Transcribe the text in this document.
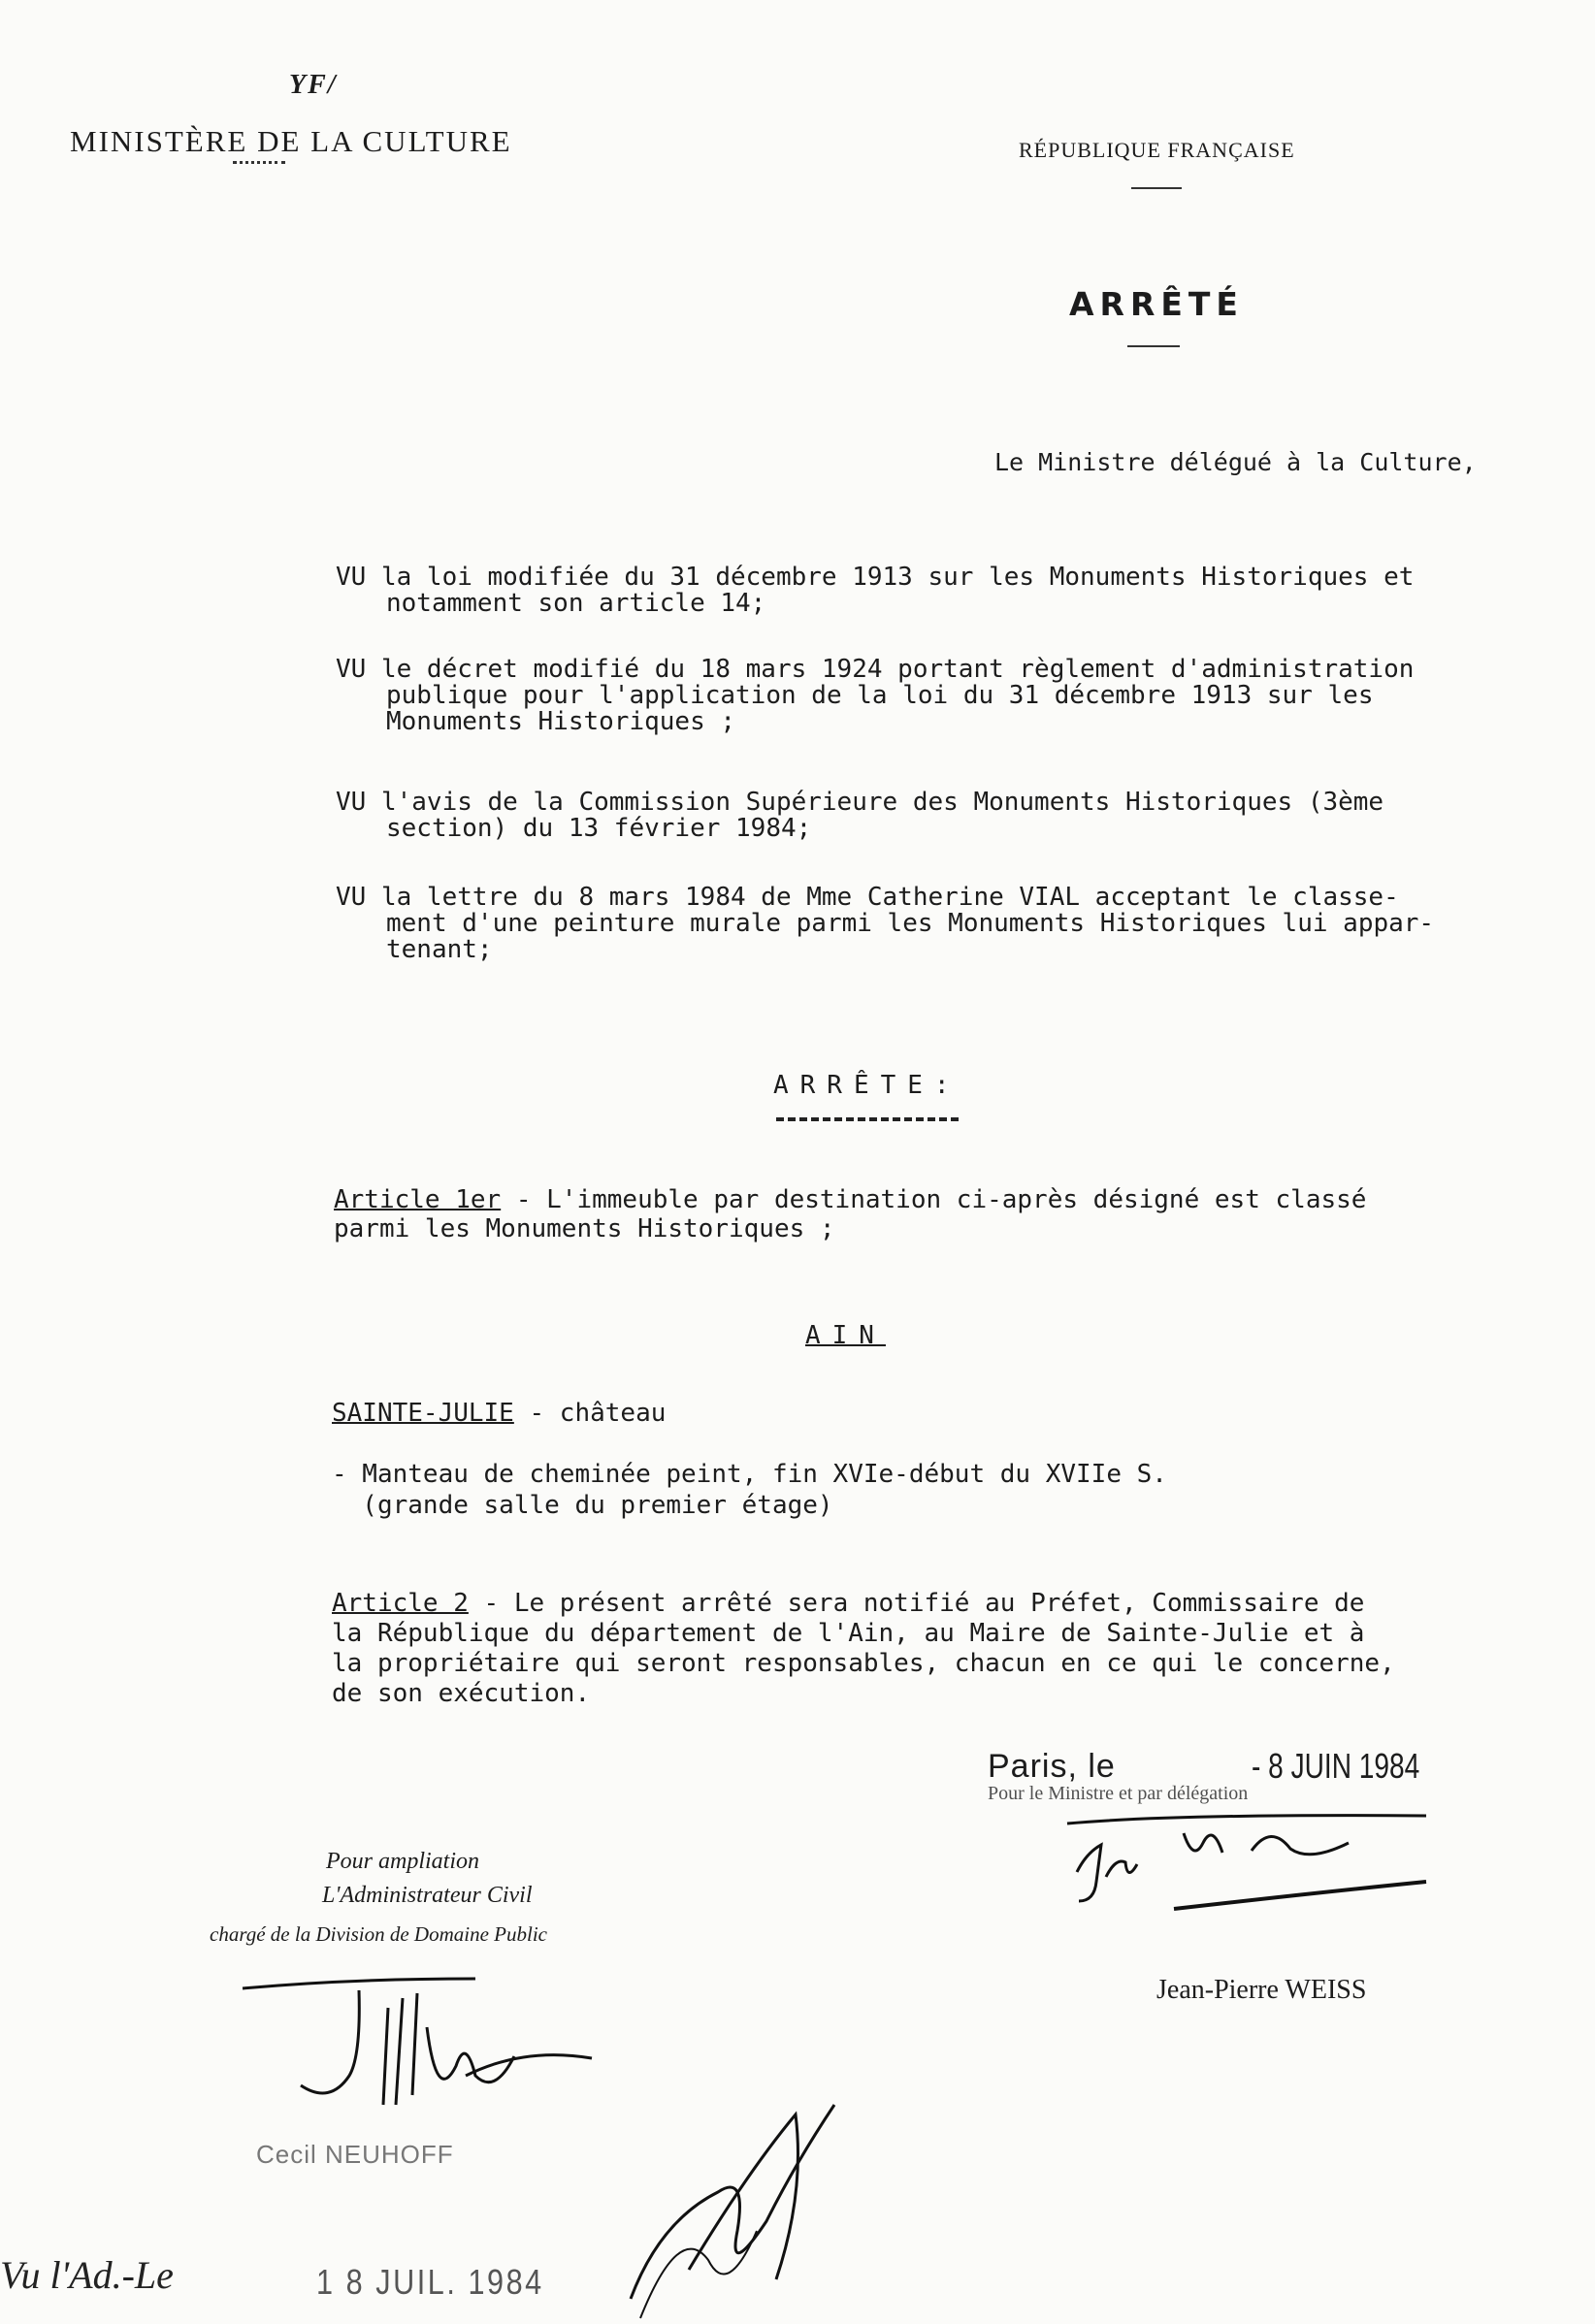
YF/
MINISTÈRE DE LA CULTURE	RÉPUBLIQUE FRANÇAISE
ARRÊTÉ
Le Ministre délégué à la Culture,
VU la loi modifiée du 31 décembre 1913 sur les Monuments Historiques et
notamment son article 14;
VU le décret modifié du 18 mars 1924 portant règlement d'administration
publique pour l'application de la loi du 31 décembre 1913 sur les
Monuments Historiques ;
VU l'avis de la Commission Supérieure des Monuments Historiques (3ème
section) du 13 février 1984;
VU la lettre du 8 mars 1984 de Mme Catherine VIAL acceptant le classe-
ment d'une peinture murale parmi les Monuments Historiques lui appar-
tenant;
ARRÊTE:
Article 1er - L'immeuble par destination ci-après désigné est classé
parmi les Monuments Historiques ;
AIN
SAINTE-JULIE - château
- Manteau de cheminée peint, fin XVIe-début du XVIIe S.
(grande salle du premier étage)
Article 2 - Le présent arrêté sera notifié au Préfet, Commissaire de
la République du département de l'Ain, au Maire de Sainte-Julie et à
la propriétaire qui seront responsables, chacun en ce qui le concerne,
de son exécution.
Paris, le	- 8 JUIN 1984
Pour le Ministre et par délégation
Jean-Pierre WEISS
Pour ampliation
L'Administrateur Civil
chargé de la Division de Domaine Public
Cecil NEUHOFF
Vu l'Ad.-Le	1 8 JUIL. 1984
